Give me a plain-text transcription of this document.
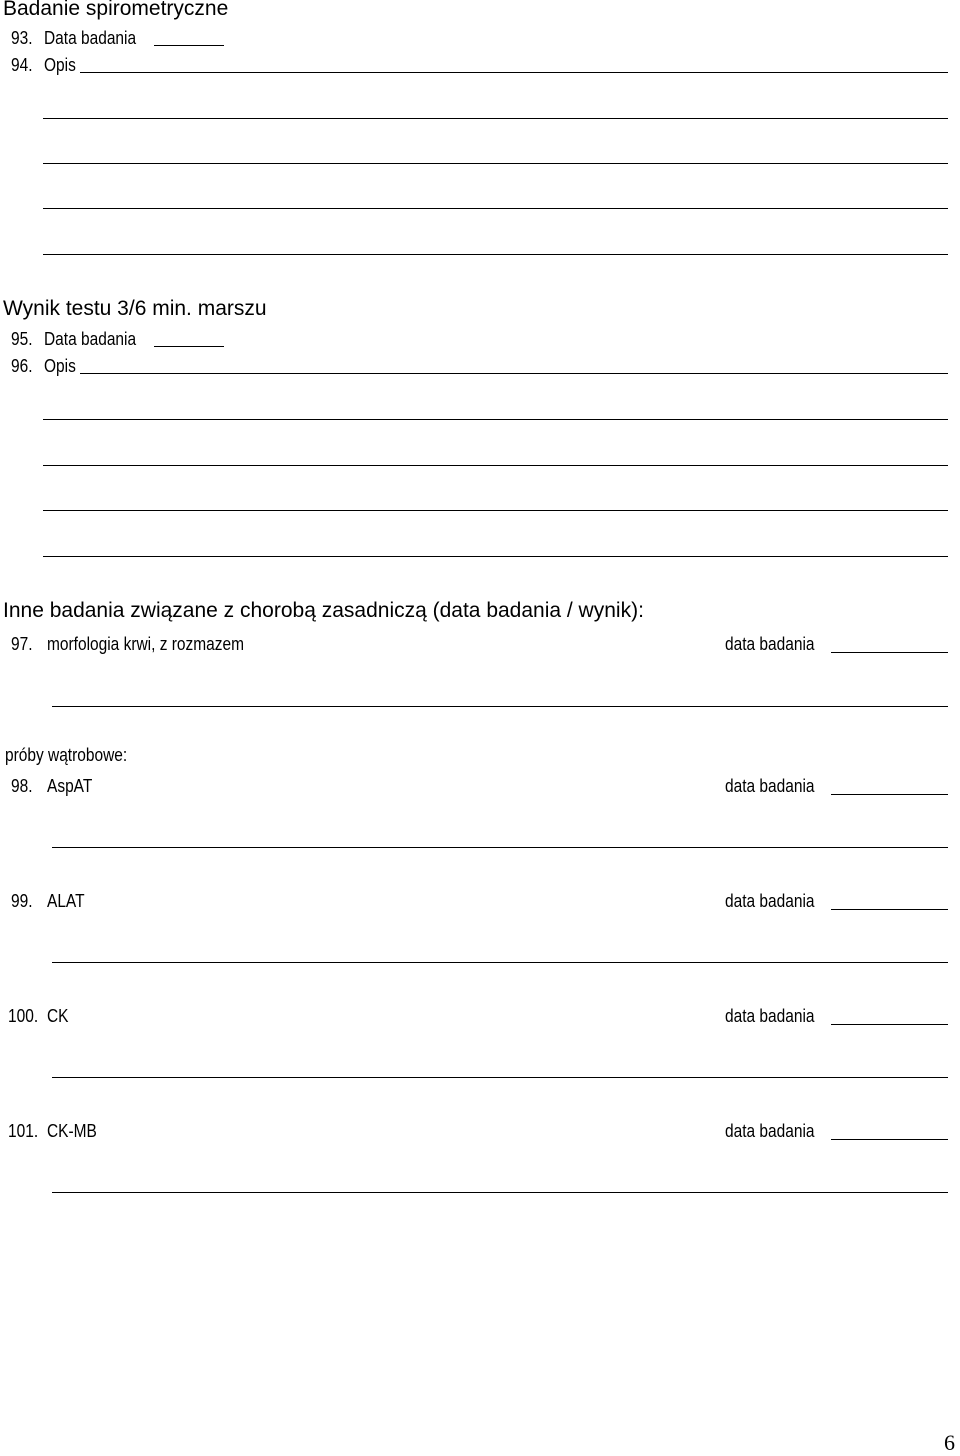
Badanie spirometryczne
93. Data badania
94. Opis
Wynik testu 3/6 min. marszu
95. Data badania
96. Opis
Inne badania związane z chorobą zasadniczą (data badania / wynik):
97. morfologia krwi, z rozmazem	data badania
próby wątrobowe:
98. AspAT	data badania
99. ALAT	data badania
100. CK	data badania
101. CK-MB	data badania
6
